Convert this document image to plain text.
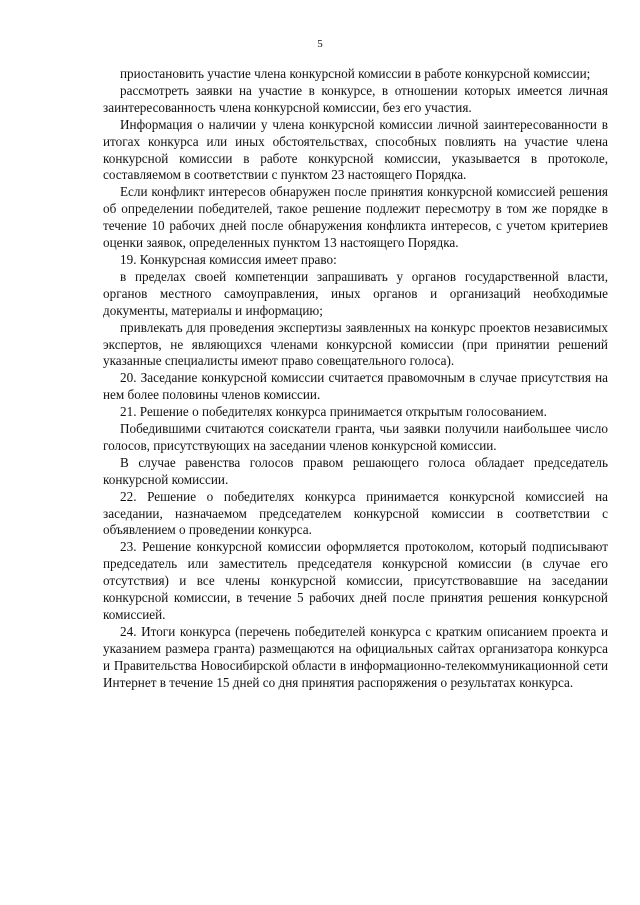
5

приостановить участие члена конкурсной комиссии в работе конкурсной комиссии;

рассмотреть заявки на участие в конкурсе, в отношении которых имеется личная заинтересованность члена конкурсной комиссии, без его участия.

Информация о наличии у члена конкурсной комиссии личной заинтересованности в итогах конкурса или иных обстоятельствах, способных повлиять на участие члена конкурсной комиссии в работе конкурсной комиссии, указывается в протоколе, составляемом в соответствии с пунктом 23 настоящего Порядка.

Если конфликт интересов обнаружен после принятия конкурсной комиссией решения об определении победителей, такое решение подлежит пересмотру в том же порядке в течение 10 рабочих дней после обнаружения конфликта интересов, с учетом критериев оценки заявок, определенных пунктом 13 настоящего Порядка.

19. Конкурсная комиссия имеет право:

в пределах своей компетенции запрашивать у органов государственной власти, органов местного самоуправления, иных органов и организаций необходимые документы, материалы и информацию;

привлекать для проведения экспертизы заявленных на конкурс проектов независимых экспертов, не являющихся членами конкурсной комиссии (при принятии решений указанные специалисты имеют право совещательного голоса).

20. Заседание конкурсной комиссии считается правомочным в случае присутствия на нем более половины членов комиссии.

21. Решение о победителях конкурса принимается открытым голосованием.

Победившими считаются соискатели гранта, чьи заявки получили наибольшее число голосов, присутствующих на заседании членов конкурсной комиссии.

В случае равенства голосов правом решающего голоса обладает председатель конкурсной комиссии.

22. Решение о победителях конкурса принимается конкурсной комиссией на заседании, назначаемом председателем конкурсной комиссии в соответствии с объявлением о проведении конкурса.

23. Решение конкурсной комиссии оформляется протоколом, который подписывают председатель или заместитель председателя конкурсной комиссии (в случае его отсутствия) и все члены конкурсной комиссии, присутствовавшие на заседании конкурсной комиссии, в течение 5 рабочих дней после принятия решения конкурсной комиссией.

24. Итоги конкурса (перечень победителей конкурса с кратким описанием проекта и указанием размера гранта) размещаются на официальных сайтах организатора конкурса и Правительства Новосибирской области в информационно-телекоммуникационной сети Интернет в течение 15 дней со дня принятия распоряжения о результатах конкурса.
